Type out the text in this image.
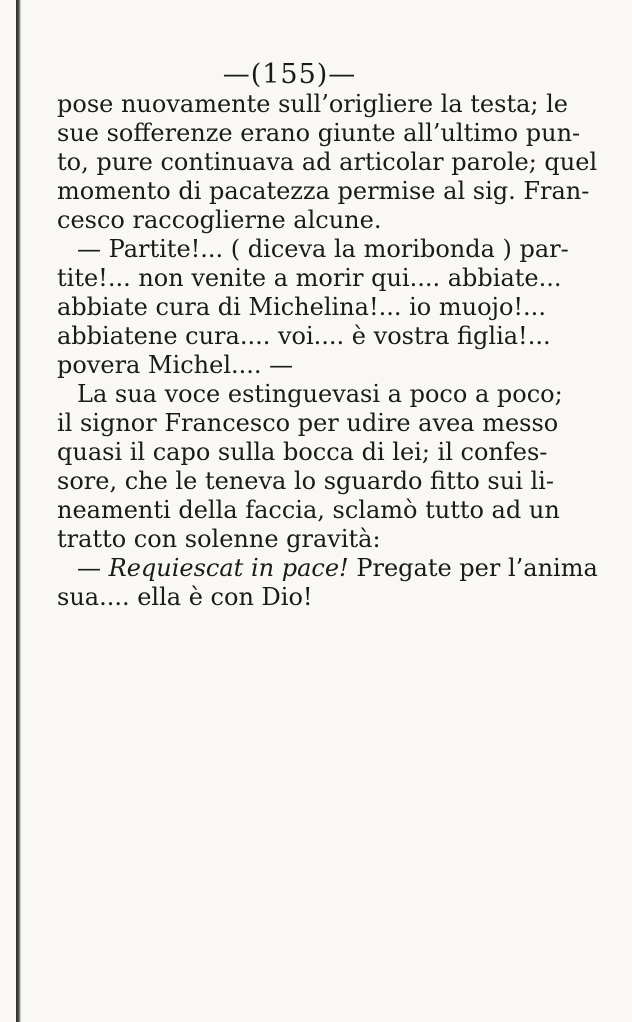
—(155)—
pose nuovamente sull’origliere la testa; le
sue sofferenze erano giunte all’ultimo pun-
to, pure continuava ad articolar parole; quel
momento di pacatezza permise al sig. Fran-
cesco raccoglierne alcune.
— Partite!... ( diceva la moribonda ) par-
tite!... non venite a morir qui.... abbiate...
abbiate cura di Michelina!... io muojo!...
abbiatene cura.... voi.... è vostra figlia!...
povera Michel.... —
La sua voce estinguevasi a poco a poco;
il signor Francesco per udire avea messo
quasi il capo sulla bocca di lei; il confes-
sore, che le teneva lo sguardo fitto sui li-
neamenti della faccia, sclamò tutto ad un
tratto con solenne gravità:
— Requiescat in pace! Pregate per l’anima
sua.... ella è con Dio!
